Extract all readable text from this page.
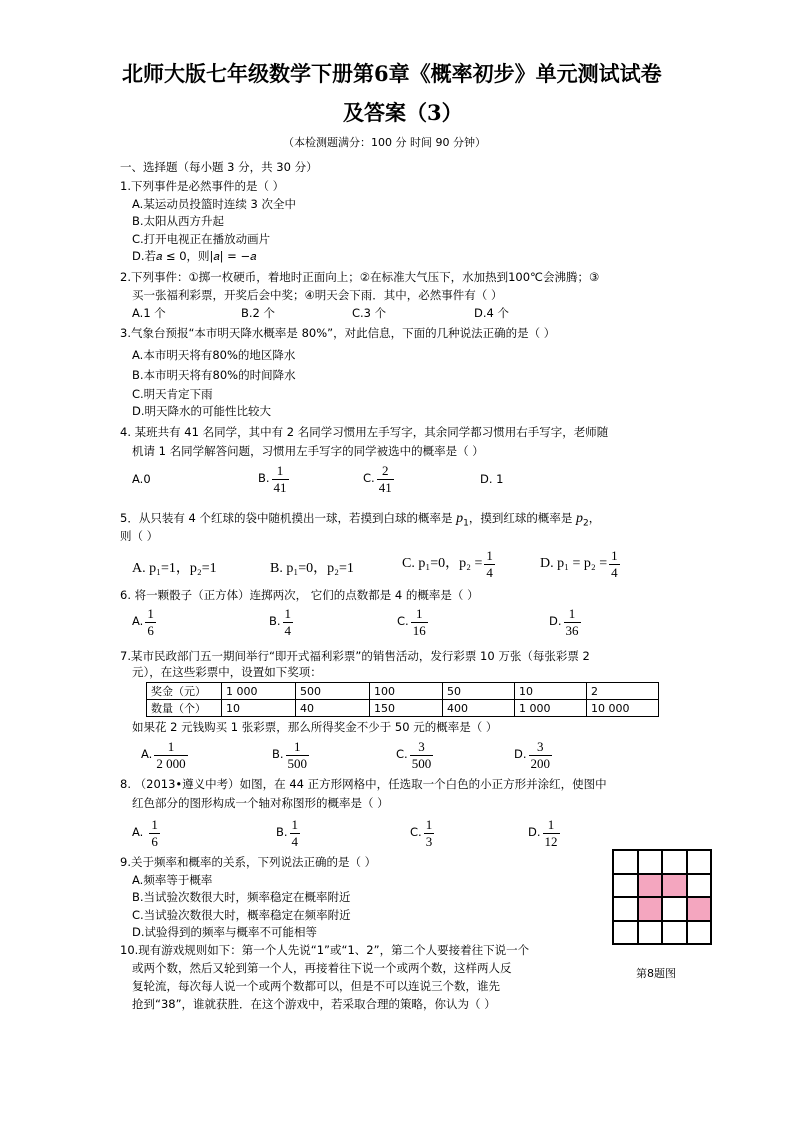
北师大版七年级数学下册第6章《概率初步》单元测试试卷
及答案（3）
（本检测题满分：100 分 时间 90 分钟）
一、选择题（每小题 3 分，共 30 分）
1.下列事件是必然事件的是（ ）
A.某运动员投篮时连续 3 次全中
B.太阳从西方升起
C.打开电视正在播放动画片
D.若𝑎 ≤ 0，则|𝑎| = −𝑎
2.下列事件：①掷一枚硬币，着地时正面向上；②在标准大气压下，水加热到100℃会沸腾；③
买一张福利彩票，开奖后会中奖；④明天会下雨．其中，必然事件有（ ）
A.1 个	B.2 个	C.3 个	D.4 个
3.气象台预报“本市明天降水概率是 80%”，对此信息，下面的几种说法正确的是（ ）
A.本市明天将有80%的地区降水
B.本市明天将有80%的时间降水
C.明天肯定下雨
D.明天降水的可能性比较大
4. 某班共有 41 名同学，其中有 2 名同学习惯用左手写字，其余同学都习惯用右手写字，老师随
机请 1 名同学解答问题，习惯用左手写字的同学被选中的概率是（ ）
A.0	B. $\frac{1}{41}$	C. $\frac{2}{41}$	D. 1
5．从只装有 4 个红球的袋中随机摸出一球，若摸到白球的概率是 $p_1$，摸到红球的概率是 $p_2$，
则（ ）
A. p₁=1，p₂=1	B. p₁=0，p₂=1	C. p₁=0，$p_2 = \frac{1}{4}$	D. $p_1 = p_2 = \frac{1}{4}$
6. 将一颗骰子（正方体）连掷两次， 它们的点数都是 4 的概率是（ ）
A. $\frac{1}{6}$	B. $\frac{1}{4}$	C. $\frac{1}{16}$	D. $\frac{1}{36}$
7.某市民政部门五一期间举行“即开式福利彩票”的销售活动，发行彩票 10 万张（每张彩票 2
元），在这些彩票中，设置如下奖项：
奖金（元）	1 000	500	100	50	10	2
数量（个）	10	40	150	400	1 000	10 000
如果花 2 元钱购买 1 张彩票，那么所得奖金不少于 50 元的概率是（ ）
A. $\frac{1}{2 000}$	B. $\frac{1}{500}$	C. $\frac{3}{500}$	D. $\frac{3}{200}$
8. （2013•遵义中考）如图，在 44 正方形网格中，任选取一个白色的小正方形并涂红，使图中
红色部分的图形构成一个轴对称图形的概率是（ ）
A. $\frac{1}{6}$	B. $\frac{1}{4}$	C. $\frac{1}{3}$	D. $\frac{1}{12}$
第8题图
9.关于频率和概率的关系，下列说法正确的是（ ）
A.频率等于概率
B.当试验次数很大时，频率稳定在概率附近
C.当试验次数很大时，概率稳定在频率附近
D.试验得到的频率与概率不可能相等
10.现有游戏规则如下：第一个人先说“1”或“1、2”，第二个人要接着往下说一个
或两个数，然后又轮到第一个人，再接着往下说一个或两个数，这样两人反
复轮流，每次每人说一个或两个数都可以，但是不可以连说三个数，谁先
抢到“38”，谁就获胜．在这个游戏中，若采取合理的策略，你认为（ ）
